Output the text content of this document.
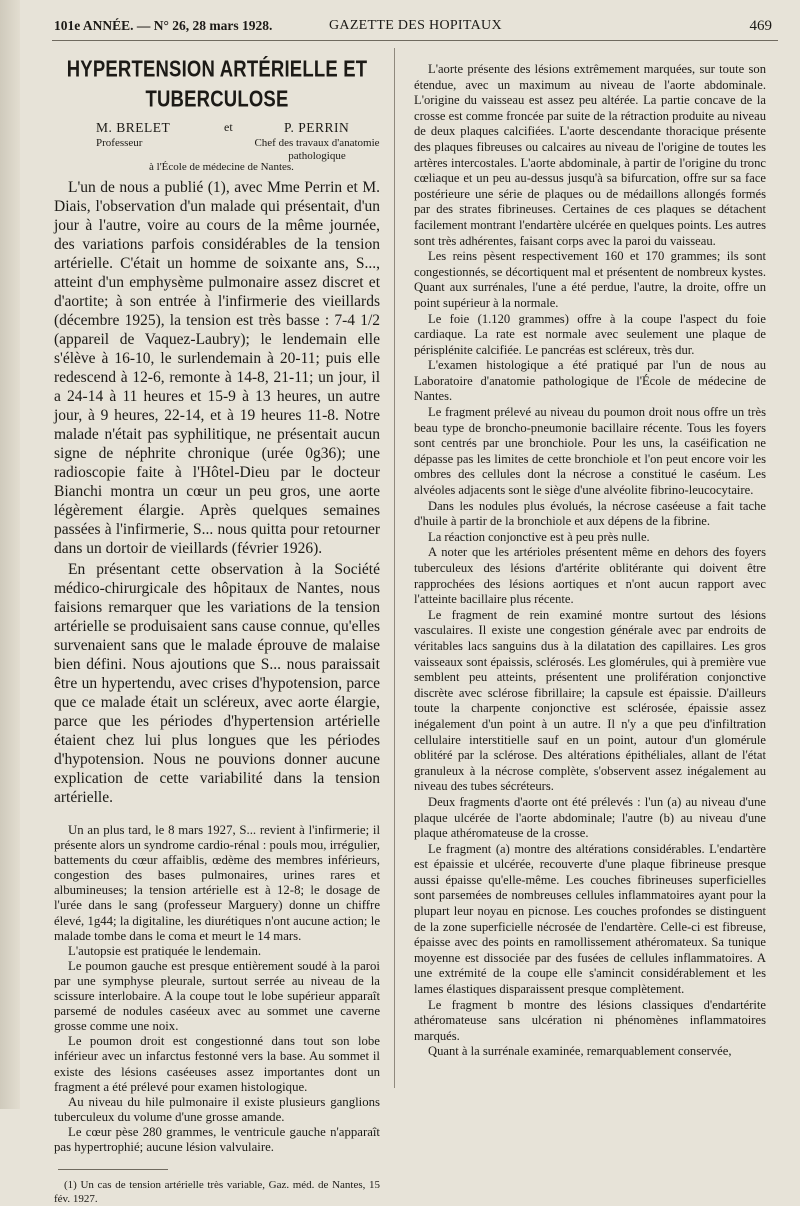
101e ANNÉE. — N° 26, 28 mars 1928.	GAZETTE DES HOPITAUX	469
HYPERTENSION ARTÉRIELLE ET TUBERCULOSE
M. BRELET
Professeur
et	P. PERRIN
Chef des travaux d'anatomie pathologique
à l'École de médecine de Nantes.

L'un de nous a publié (1), avec Mme Perrin et M. Diais, l'observation d'un malade qui présentait, d'un jour à l'autre, voire au cours de la même journée, des variations parfois considérables de la tension artérielle. C'était un homme de soixante ans, S..., atteint d'un emphysème pulmonaire assez discret et d'aortite; à son entrée à l'infirmerie des vieillards (décembre 1925), la tension est très basse : 7-4 1/2 (appareil de Vaquez-Laubry); le lendemain elle s'élève à 16-10, le surlendemain à 20-11; puis elle redescend à 12-6, remonte à 14-8, 21-11; un jour, il a 24-14 à 11 heures et 15-9 à 13 heures, un autre jour, à 9 heures, 22-14, et à 19 heures 11-8. Notre malade n'était pas syphilitique, ne présentait aucun signe de néphrite chronique (urée 0g36); une radioscopie faite à l'Hôtel-Dieu par le docteur Bianchi montra un cœur un peu gros, une aorte légèrement élargie. Après quelques semaines passées à l'infirmerie, S... nous quitta pour retourner dans un dortoir de vieillards (février 1926).

En présentant cette observation à la Société médico-chirurgicale des hôpitaux de Nantes, nous faisions remarquer que les variations de la tension artérielle se produisaient sans cause connue, qu'elles survenaient sans que le malade éprouve de malaise bien défini. Nous ajoutions que S... nous paraissait être un hypertendu, avec crises d'hypotension, parce que ce malade était un scléreux, avec aorte élargie, parce que les périodes d'hypertension artérielle étaient chez lui plus longues que les périodes d'hypotension. Nous ne pouvions donner aucune explication de cette variabilité dans la tension artérielle.

Un an plus tard, le 8 mars 1927, S... revient à l'infirmerie; il présente alors un syndrome cardio-rénal : pouls mou, irrégulier, battements du cœur affaiblis, œdème des membres inférieurs, congestion des bases pulmonaires, urines rares et albumineuses; la tension artérielle est à 12-8; le dosage de l'urée dans le sang (professeur Marguery) donne un chiffre élevé, 1g44; la digitaline, les diurétiques n'ont aucune action; le malade tombe dans le coma et meurt le 14 mars.

L'autopsie est pratiquée le lendemain.

Le poumon gauche est presque entièrement soudé à la paroi par une symphyse pleurale, surtout serrée au niveau de la scissure interlobaire. A la coupe tout le lobe supérieur apparaît parsemé de nodules caséeux avec au sommet une caverne grosse comme une noix.

Le poumon droit est congestionné dans tout son lobe inférieur avec un infarctus festonné vers la base. Au sommet il existe des lésions caséeuses assez importantes dont un fragment a été prélevé pour examen histologique.

Au niveau du hile pulmonaire il existe plusieurs ganglions tuberculeux du volume d'une grosse amande.

Le cœur pèse 280 grammes, le ventricule gauche n'apparaît pas hypertrophié; aucune lésion valvulaire.

(1) Un cas de tension artérielle très variable, Gaz. méd. de Nantes, 15 fév. 1927.

L'aorte présente des lésions extrêmement marquées, sur toute son étendue, avec un maximum au niveau de l'aorte abdominale. L'origine du vaisseau est assez peu altérée. La partie concave de la crosse est comme froncée par suite de la rétraction produite au niveau de deux plaques calcifiées. L'aorte descendante thoracique présente des plaques fibreuses ou calcaires au niveau de l'origine de toutes les artères intercostales. L'aorte abdominale, à partir de l'origine du tronc cœliaque et un peu au-dessus jusqu'à sa bifurcation, offre sur sa face postérieure une série de plaques ou de médaillons allongés formés par des strates fibrineuses. Certaines de ces plaques se détachent facilement montrant l'endartère ulcérée en quelques points. Les autres sont très adhérentes, faisant corps avec la paroi du vaisseau.

Les reins pèsent respectivement 160 et 170 grammes; ils sont congestionnés, se décortiquent mal et présentent de nombreux kystes. Quant aux surrénales, l'une a été perdue, l'autre, la droite, offre un point supérieur à la normale.

Le foie (1.120 grammes) offre à la coupe l'aspect du foie cardiaque. La rate est normale avec seulement une plaque de périsplénite calcifiée. Le pancréas est scléreux, très dur.

L'examen histologique a été pratiqué par l'un de nous au Laboratoire d'anatomie pathologique de l'École de médecine de Nantes.

Le fragment prélevé au niveau du poumon droit nous offre un très beau type de broncho-pneumonie bacillaire récente. Tous les foyers sont centrés par une bronchiole. Pour les uns, la caséification ne dépasse pas les limites de cette bronchiole et l'on peut encore voir les ombres des cellules dont la nécrose a constitué le caséum. Les alvéoles adjacents sont le siège d'une alvéolite fibrino-leucocytaire.

Dans les nodules plus évolués, la nécrose caséeuse a fait tache d'huile à partir de la bronchiole et aux dépens de la fibrine.

La réaction conjonctive est à peu près nulle.

A noter que les artérioles présentent même en dehors des foyers tuberculeux des lésions d'artérite oblitérante qui doivent être rapprochées des lésions aortiques et n'ont aucun rapport avec l'atteinte bacillaire plus récente.

Le fragment de rein examiné montre surtout des lésions vasculaires. Il existe une congestion générale avec par endroits de véritables lacs sanguins dus à la dilatation des capillaires. Les gros vaisseaux sont épaissis, sclérosés. Les glomérules, qui à première vue semblent peu atteints, présentent une prolifération conjonctive discrète avec sclérose fibrillaire; la capsule est épaissie. D'ailleurs toute la charpente conjonctive est sclérosée, épaissie assez inégalement d'un point à un autre. Il n'y a que peu d'infiltration cellulaire interstitielle sauf en un point, autour d'un glomérule oblitéré par la sclérose. Des altérations épithéliales, allant de l'état granuleux à la nécrose complète, s'observent assez inégalement au niveau des tubes sécréteurs.

Deux fragments d'aorte ont été prélevés : l'un (a) au niveau d'une plaque ulcérée de l'aorte abdominale; l'autre (b) au niveau d'une plaque athéromateuse de la crosse.

Le fragment (a) montre des altérations considérables. L'endartère est épaissie et ulcérée, recouverte d'une plaque fibrineuse presque aussi épaisse qu'elle-même. Les couches fibrineuses superficielles sont parsemées de nombreuses cellules inflammatoires ayant pour la plupart leur noyau en picnose. Les couches profondes se distinguent de la zone superficielle nécrosée de l'endartère. Celle-ci est fibreuse, épaisse avec des points en ramollissement athéromateux. Sa tunique moyenne est dissociée par des fusées de cellules inflammatoires. A une extrémité de la coupe elle s'amincit considérablement et les lames élastiques disparaissent presque complètement.

Le fragment b montre des lésions classiques d'endartérite athéromateuse sans ulcération ni phénomènes inflammatoires marqués.

Quant à la surrénale examinée, remarquablement conservée,
